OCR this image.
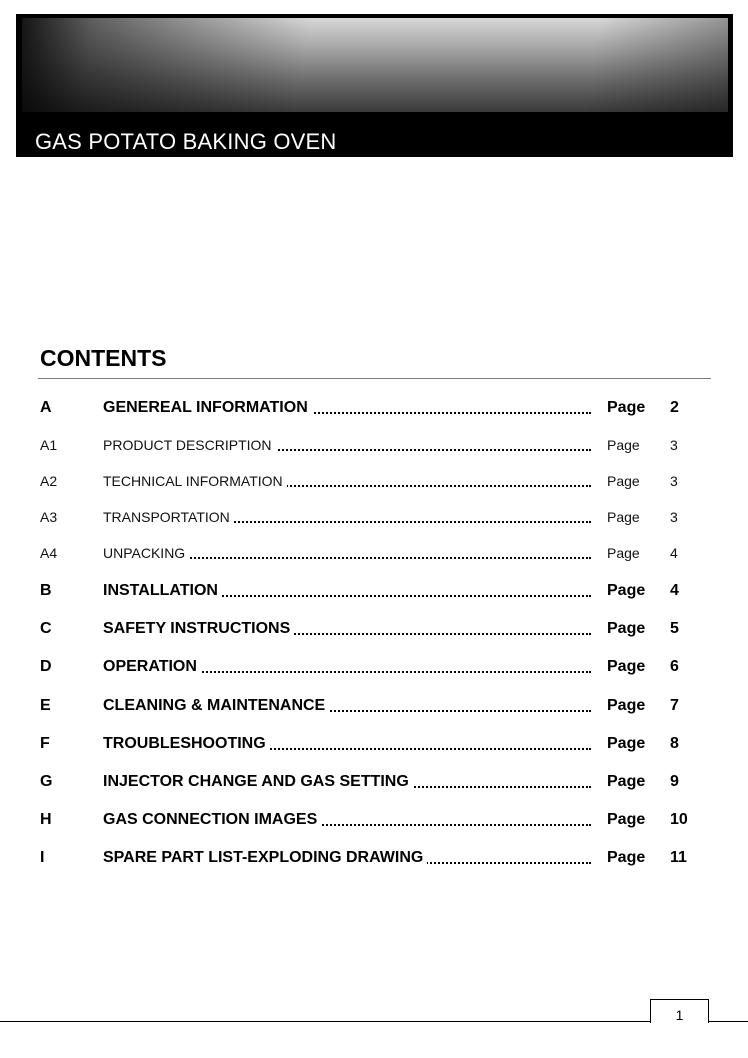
GAS POTATO BAKING OVEN
CONTENTS
A	GENEREAL INFORMATION	Page 2
A1	PRODUCT DESCRIPTION	Page 3
A2	TECHNICAL INFORMATION	Page 3
A3	TRANSPORTATION	Page 3
A4	UNPACKING	Page 4
B	INSTALLATION	Page 4
C	SAFETY INSTRUCTIONS	Page 5
D	OPERATION	Page 6
E	CLEANING & MAINTENANCE	Page 7
F	TROUBLESHOOTING	Page 8
G	INJECTOR CHANGE AND GAS SETTING	Page 9
H	GAS CONNECTION IMAGES	Page 10
I	SPARE PART LIST-EXPLODING DRAWING	Page 11
1
